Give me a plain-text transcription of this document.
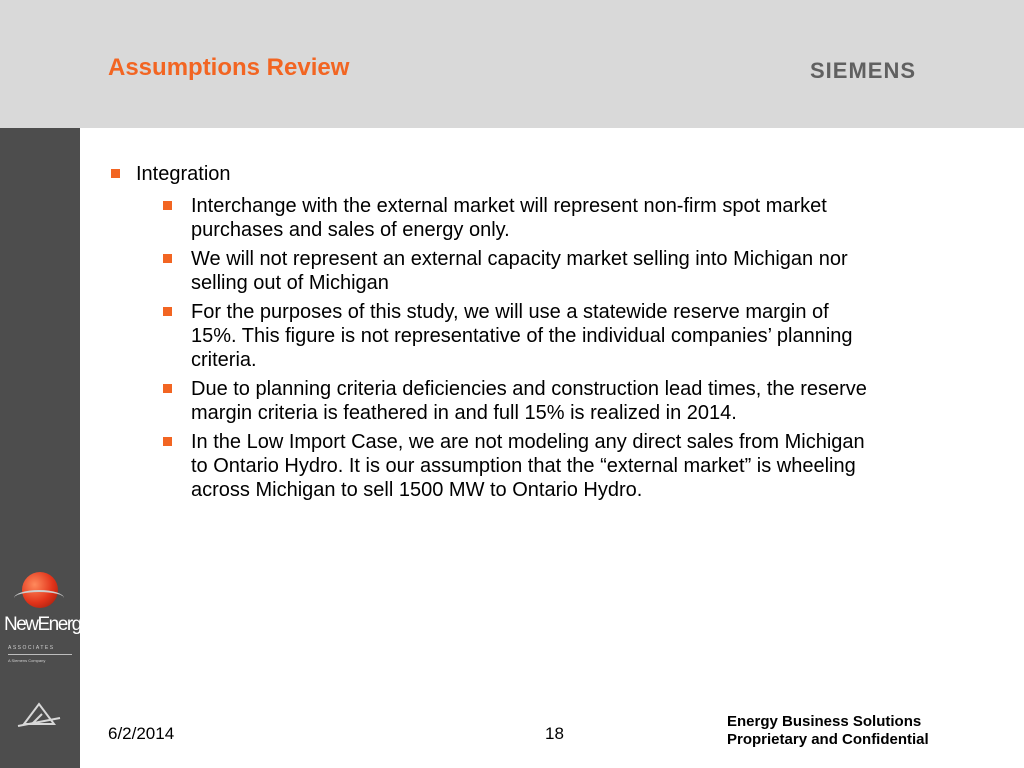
Assumptions Review	SIEMENS
NewEnergy
ASSOCIATES
A Siemens Company
Integration
Interchange with the external market will represent non-firm spot market purchases and sales of energy only.
We will not represent an external capacity market selling into Michigan nor selling out of Michigan
For the purposes of this study, we will use a statewide reserve margin of 15%. This figure is not representative of the individual companies’ planning criteria.
Due to planning criteria deficiencies and construction lead times, the reserve margin criteria is feathered in and full 15% is realized in 2014.
In the Low Import Case, we are not modeling any direct sales from Michigan to Ontario Hydro. It is our assumption that the “external market” is wheeling across Michigan to sell 1500 MW to Ontario Hydro.
6/2/2014	18
Energy Business Solutions
Proprietary and Confidential
